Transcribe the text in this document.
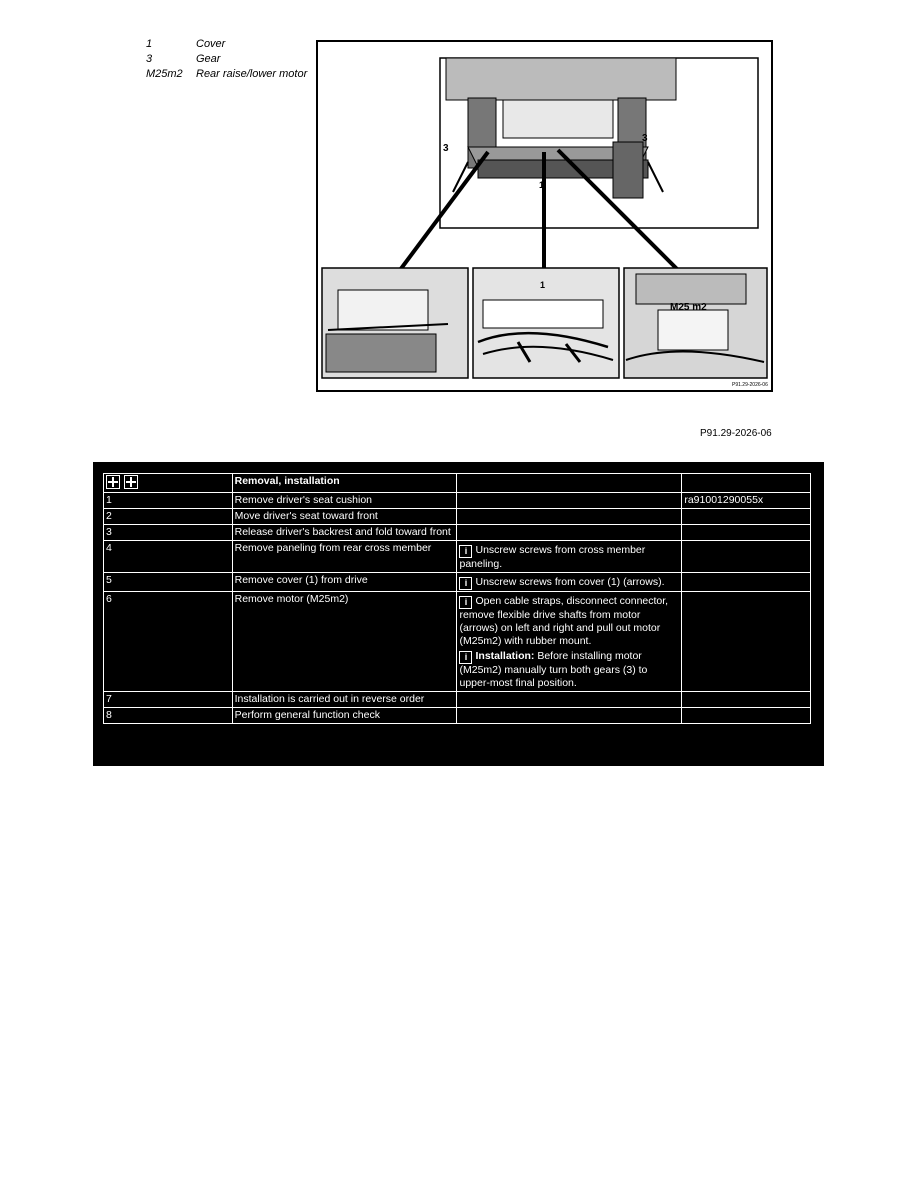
1	Cover
3	Gear
M25m2	Rear raise/lower motor
3
3
1
1
M25 m2
P91.29-2026-06
P91.29-2026-06
	Removal, installation		
1	Remove driver's seat cushion		ra91001290055x
2	Move driver's seat toward front		
3	Release driver's backrest and fold toward front		
4	Remove paneling from rear cross member	i Unscrew screws from cross member paneling.	

5	Remove cover (1) from drive	i Unscrew screws from cover (1) (arrows).	

6	Remove motor (M25m2)	i Open cable straps, disconnect connector, remove flexible drive shafts from motor (arrows) on left and right and pull out motor (M25m2) with rubber mount.
i Installation: Before installing motor (M25m2) manually turn both gears (3) to upper-most final position.	

7	Installation is carried out in reverse order		
8	Perform general function check		
